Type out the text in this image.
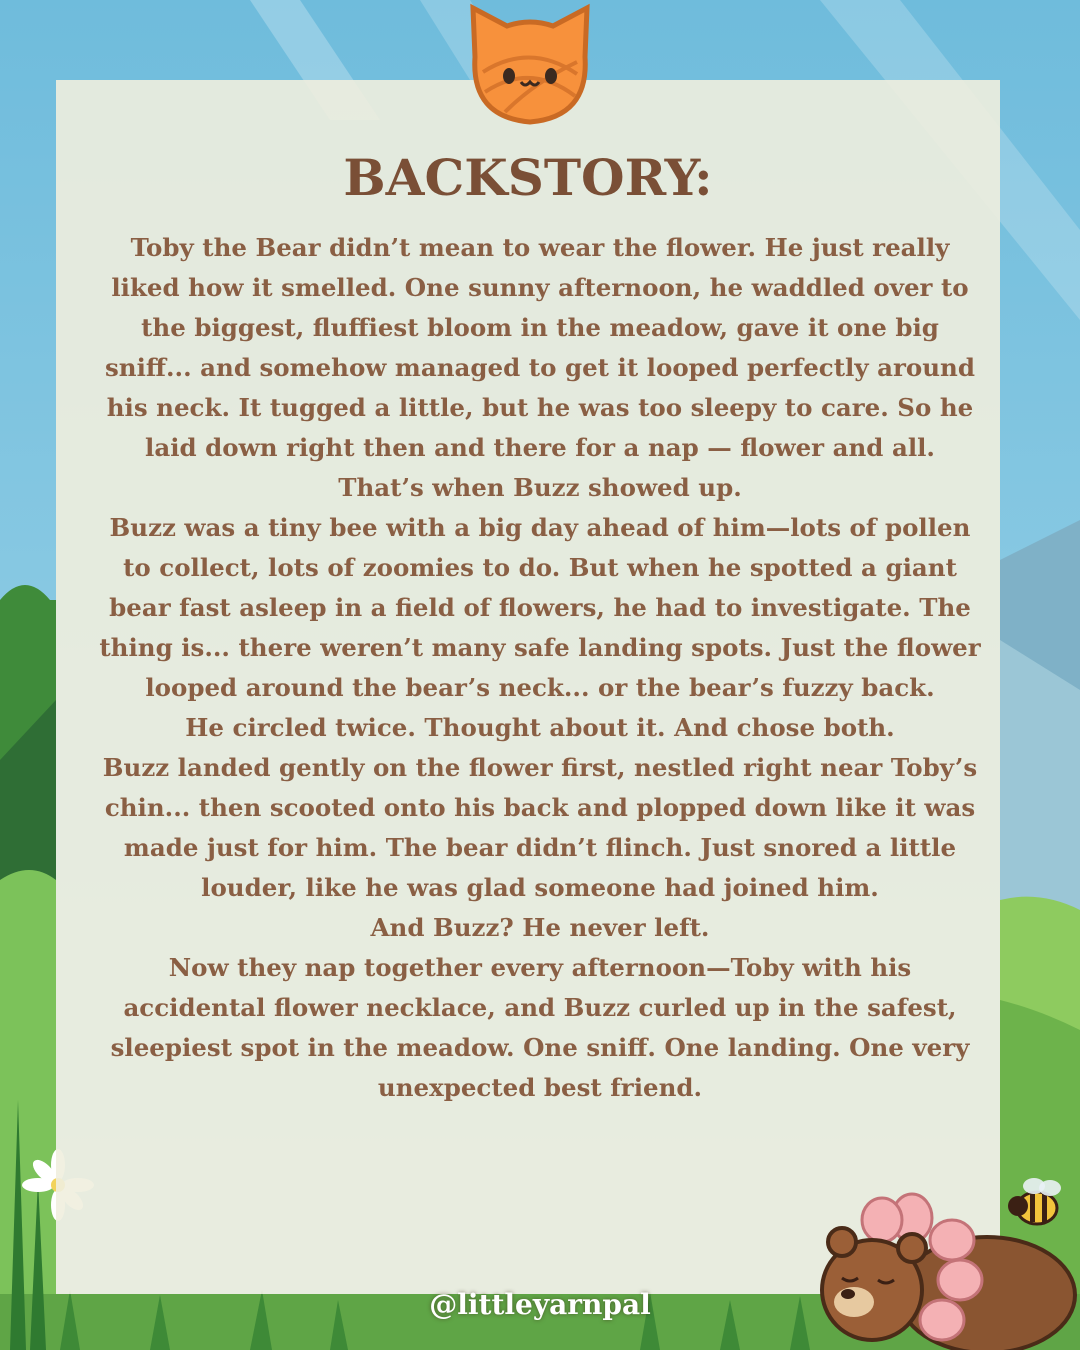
BACKSTORY:

Toby the Bear didn’t mean to wear the flower. He just really liked how it smelled. One sunny afternoon, he waddled over to the biggest, fluffiest bloom in the meadow, gave it one big sniff... and somehow managed to get it looped perfectly around his neck. It tugged a little, but he was too sleepy to care. So he laid down right then and there for a nap — flower and all.

That’s when Buzz showed up.

Buzz was a tiny bee with a big day ahead of him—lots of pollen to collect, lots of zoomies to do. But when he spotted a giant bear fast asleep in a field of flowers, he had to investigate. The thing is... there weren’t many safe landing spots. Just the flower looped around the bear’s neck... or the bear’s fuzzy back.

He circled twice. Thought about it. And chose both.

Buzz landed gently on the flower first, nestled right near Toby’s chin... then scooted onto his back and plopped down like it was made just for him. The bear didn’t flinch. Just snored a little louder, like he was glad someone had joined him.

And Buzz? He never left.

Now they nap together every afternoon—Toby with his accidental flower necklace, and Buzz curled up in the safest, sleepiest spot in the meadow. One sniff. One landing. One very unexpected best friend.

@littleyarnpal
